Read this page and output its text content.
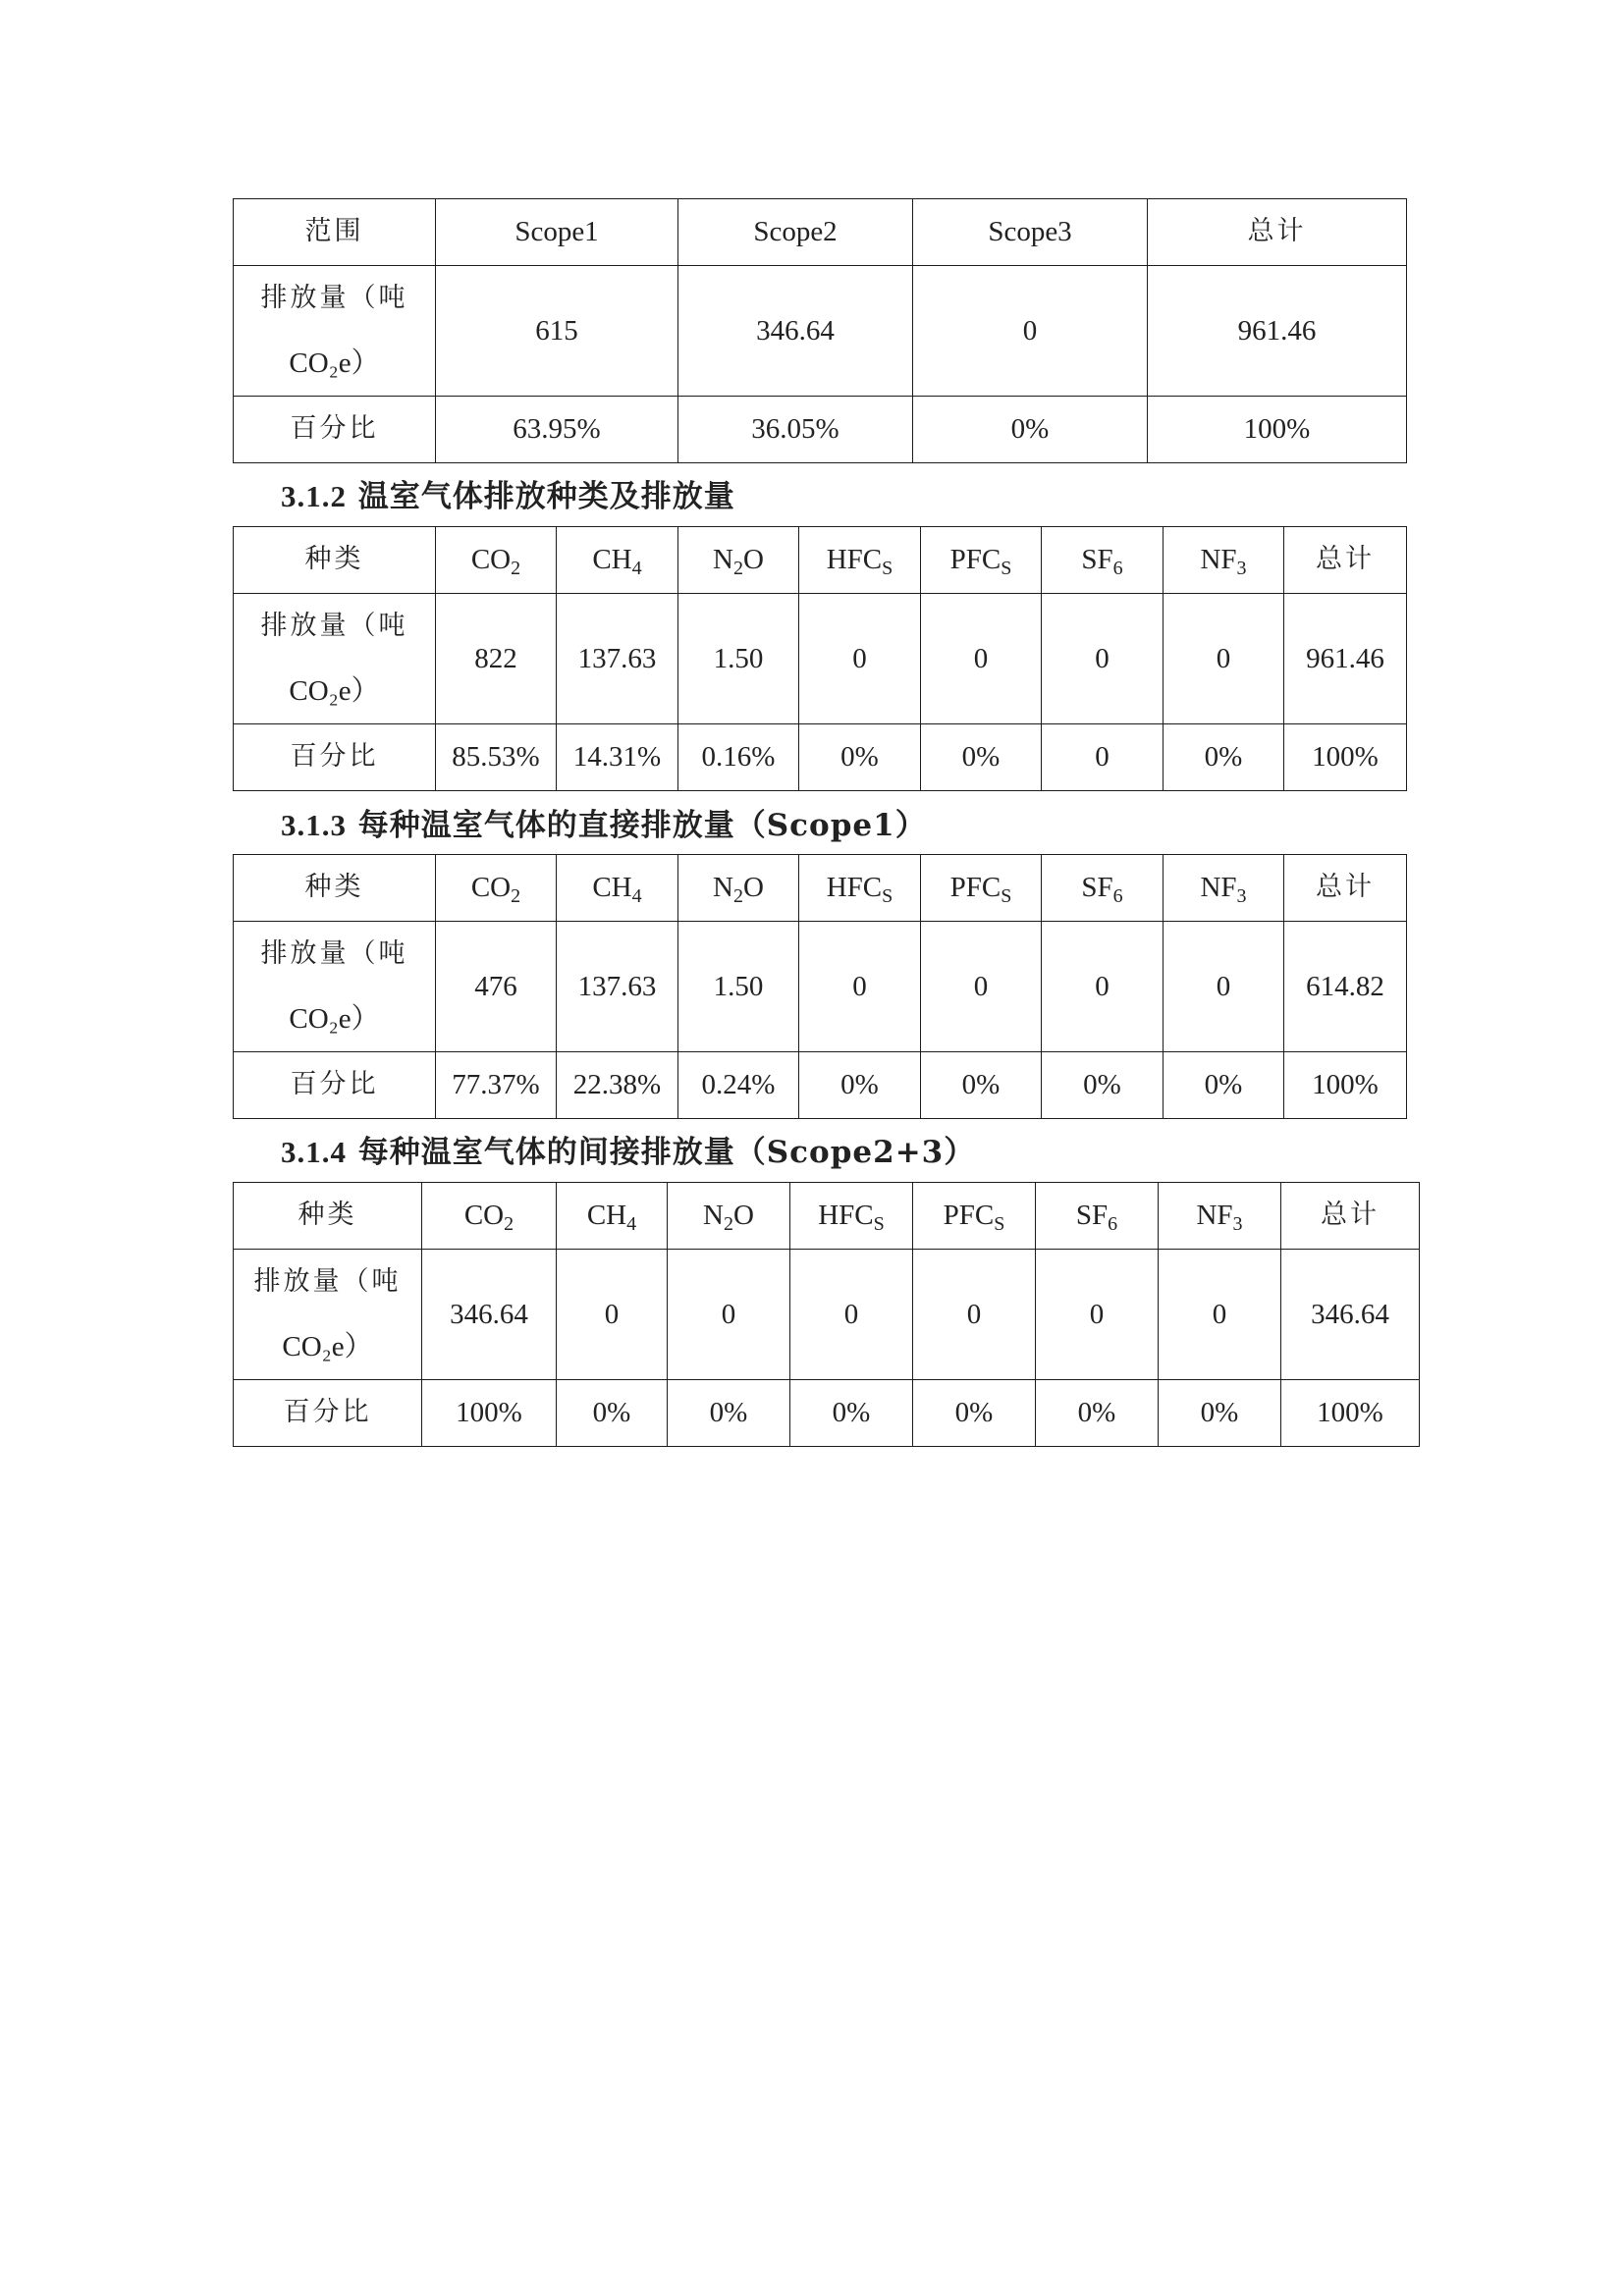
范围	Scope1	Scope2	Scope3	总计

排放量（吨
CO₂e）	615	346.64	0	961.46
百分比	63.95%	36.05%	0%	100%
3.1.2 温室气体排放种类及排放量
种类	$CO_2$	$CH_4$	$N_2O$	$HFC_S$	$PFC_S$	$SF_6$	$NF_3$	总计

排放量（吨
CO₂e）	822	137.63	1.50	0	0	0	0	961.46
百分比	85.53%	14.31%	0.16%	0%	0%	0	0%	100%
3.1.3 每种温室气体的直接排放量（Scope1）
种类	$CO_2$	$CH_4$	$N_2O$	$HFC_S$	$PFC_S$	$SF_6$	$NF_3$	总计

排放量（吨
CO₂e）	476	137.63	1.50	0	0	0	0	614.82
百分比	77.37%	22.38%	0.24%	0%	0%	0%	0%	100%
3.1.4 每种温室气体的间接排放量（Scope2+3）
种类	$CO_2$	$CH_4$	$N_2O$	$HFC_S$	$PFC_S$	$SF_6$	$NF_3$	总计

排放量（吨
CO₂e）	346.64	0	0	0	0	0	0	346.64
百分比	100%	0%	0%	0%	0%	0%	0%	100%
